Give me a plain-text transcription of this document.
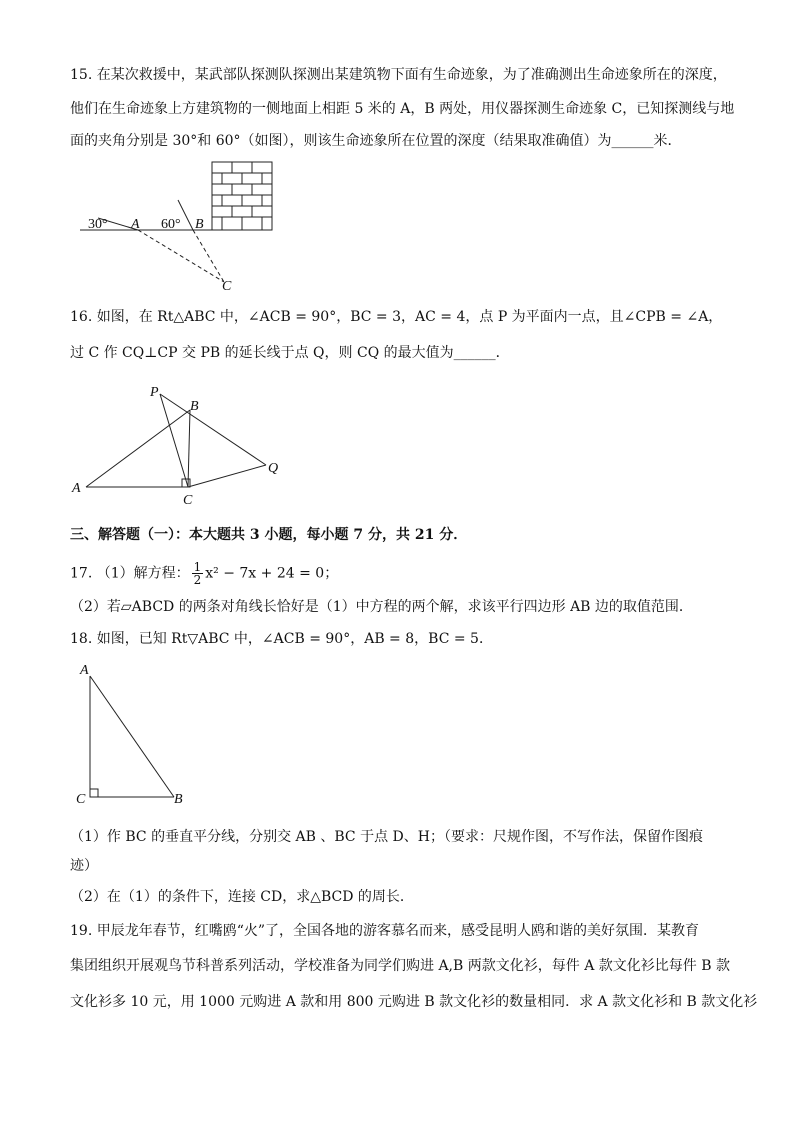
15. 在某次救援中，某武部队探测队探测出某建筑物下面有生命迹象，为了准确测出生命迹象所在的深度，
他们在生命迹象上方建筑物的一侧地面上相距 5 米的 A，B 两处，用仪器探测生命迹象 C，已知探测线与地
面的夹角分别是 30°和 60°（如图），则该生命迹象所在位置的深度（结果取准确值）为______米．
30° A 60° B
C
16. 如图，在 Rt△ABC 中，∠ACB = 90°，BC = 3，AC = 4，点 P 为平面内一点，且∠CPB = ∠A，
过 C 作 CQ⊥CP 交 PB 的延长线于点 Q，则 CQ 的最大值为______．
P
B
Q
A
C
三、解答题（一）：本大题共 3 小题，每小题 7 分，共 21 分．
17. （1）解方程： $\frac{1}{2} x^2 - 7x + 24 = 0$；
（2）若▱ABCD 的两条对角线长恰好是（1）中方程的两个解，求该平行四边形 AB 边的取值范围．
18. 如图，已知 Rt▽ABC 中，∠ACB = 90°，AB = 8，BC = 5．
A
C	B
（1）作 BC 的垂直平分线，分别交 AB 、BC 于点 D、H；（要求：尺规作图，不写作法，保留作图痕
迹）
（2）在（1）的条件下，连接 CD，求△BCD 的周长．
19. 甲辰龙年春节，红嘴鸥“火”了，全国各地的游客慕名而来，感受昆明人鸥和谐的美好氛围．某教育
集团组织开展观鸟节科普系列活动，学校准备为同学们购进 A,B 两款文化衫，每件 A 款文化衫比每件 B 款
文化衫多 10 元，用 1000 元购进 A 款和用 800 元购进 B 款文化衫的数量相同．求 A 款文化衫和 B 款文化衫
